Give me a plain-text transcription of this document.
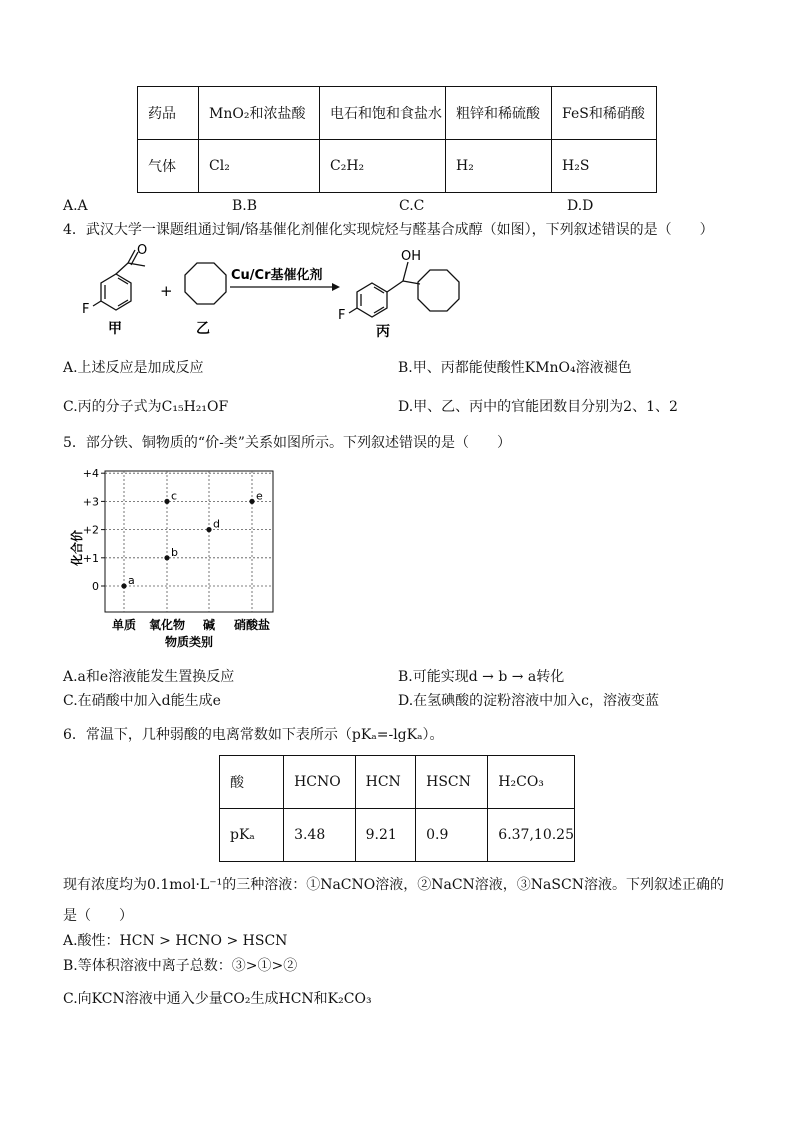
药品	MnO₂和浓盐酸	电石和饱和食盐水	粗锌和稀硫酸	FeS和稀硝酸
气体	Cl₂	C₂H₂	H₂	H₂S
A.A	B.B	C.C	D.D
4．武汉大学一课题组通过铜/铬基催化剂催化实现烷烃与醛基合成醇（如图），下列叙述错误的是（　　）
O
F
+
Cu/Cr基催化剂
OH
F
甲	乙	丙
A.上述反应是加成反应	B.甲、丙都能使酸性KMnO₄溶液褪色
C.丙的分子式为C₁₅H₂₁OF	D.甲、乙、丙中的官能团数目分别为2、1、2
5．部分铁、铜物质的“价-类”关系如图所示。下列叙述错误的是（　　）
0
+1
+2
+3
+4
单质 氧化物 碱 硝酸盐
a
b
c
d
e
化合价
物质类别
A.a和e溶液能发生置换反应	B.可能实现d → b → a转化
C.在硝酸中加入d能生成e	D.在氢碘酸的淀粉溶液中加入c，溶液变蓝
6．常温下，几种弱酸的电离常数如下表所示（pKₐ=-lgKₐ）。
酸	HCNO	HCN	HSCN	H₂CO₃
pKₐ	3.48	9.21	0.9	6.37,10.25
现有浓度均为0.1mol·L⁻¹的三种溶液：①NaCNO溶液，②NaCN溶液，③NaSCN溶液。下列叙述正确的
是（　　）
A.酸性：HCN > HCNO > HSCN
B.等体积溶液中离子总数：③>①>②
C.向KCN溶液中通入少量CO₂生成HCN和K₂CO₃
